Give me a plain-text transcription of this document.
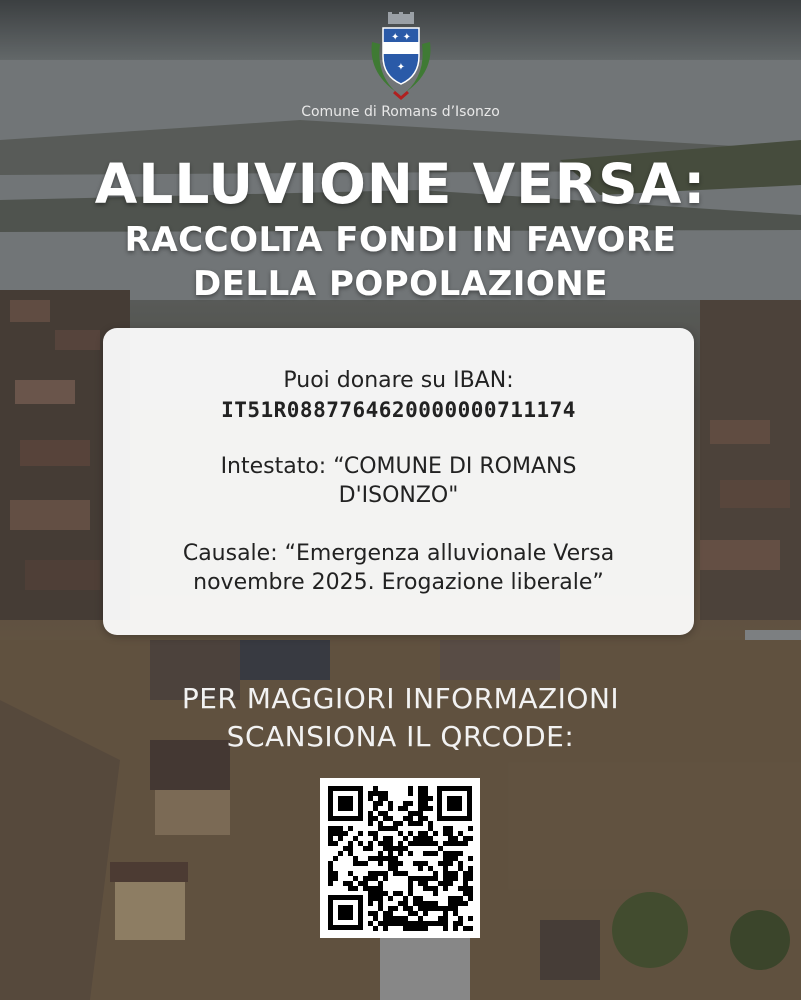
✦ ✦
✦
Comune di Romans d’Isonzo
ALLUVIONE VERSA:
RACCOLTA FONDI IN FAVORE
DELLA POPOLAZIONE
Puoi donare su IBAN:
IT51R0887764620000000711174
Intestato: “COMUNE DI ROMANS
D'ISONZO"
Causale: “Emergenza alluvionale Versa
novembre 2025. Erogazione liberale”
PER MAGGIORI INFORMAZIONI
SCANSIONA IL QRCODE:
